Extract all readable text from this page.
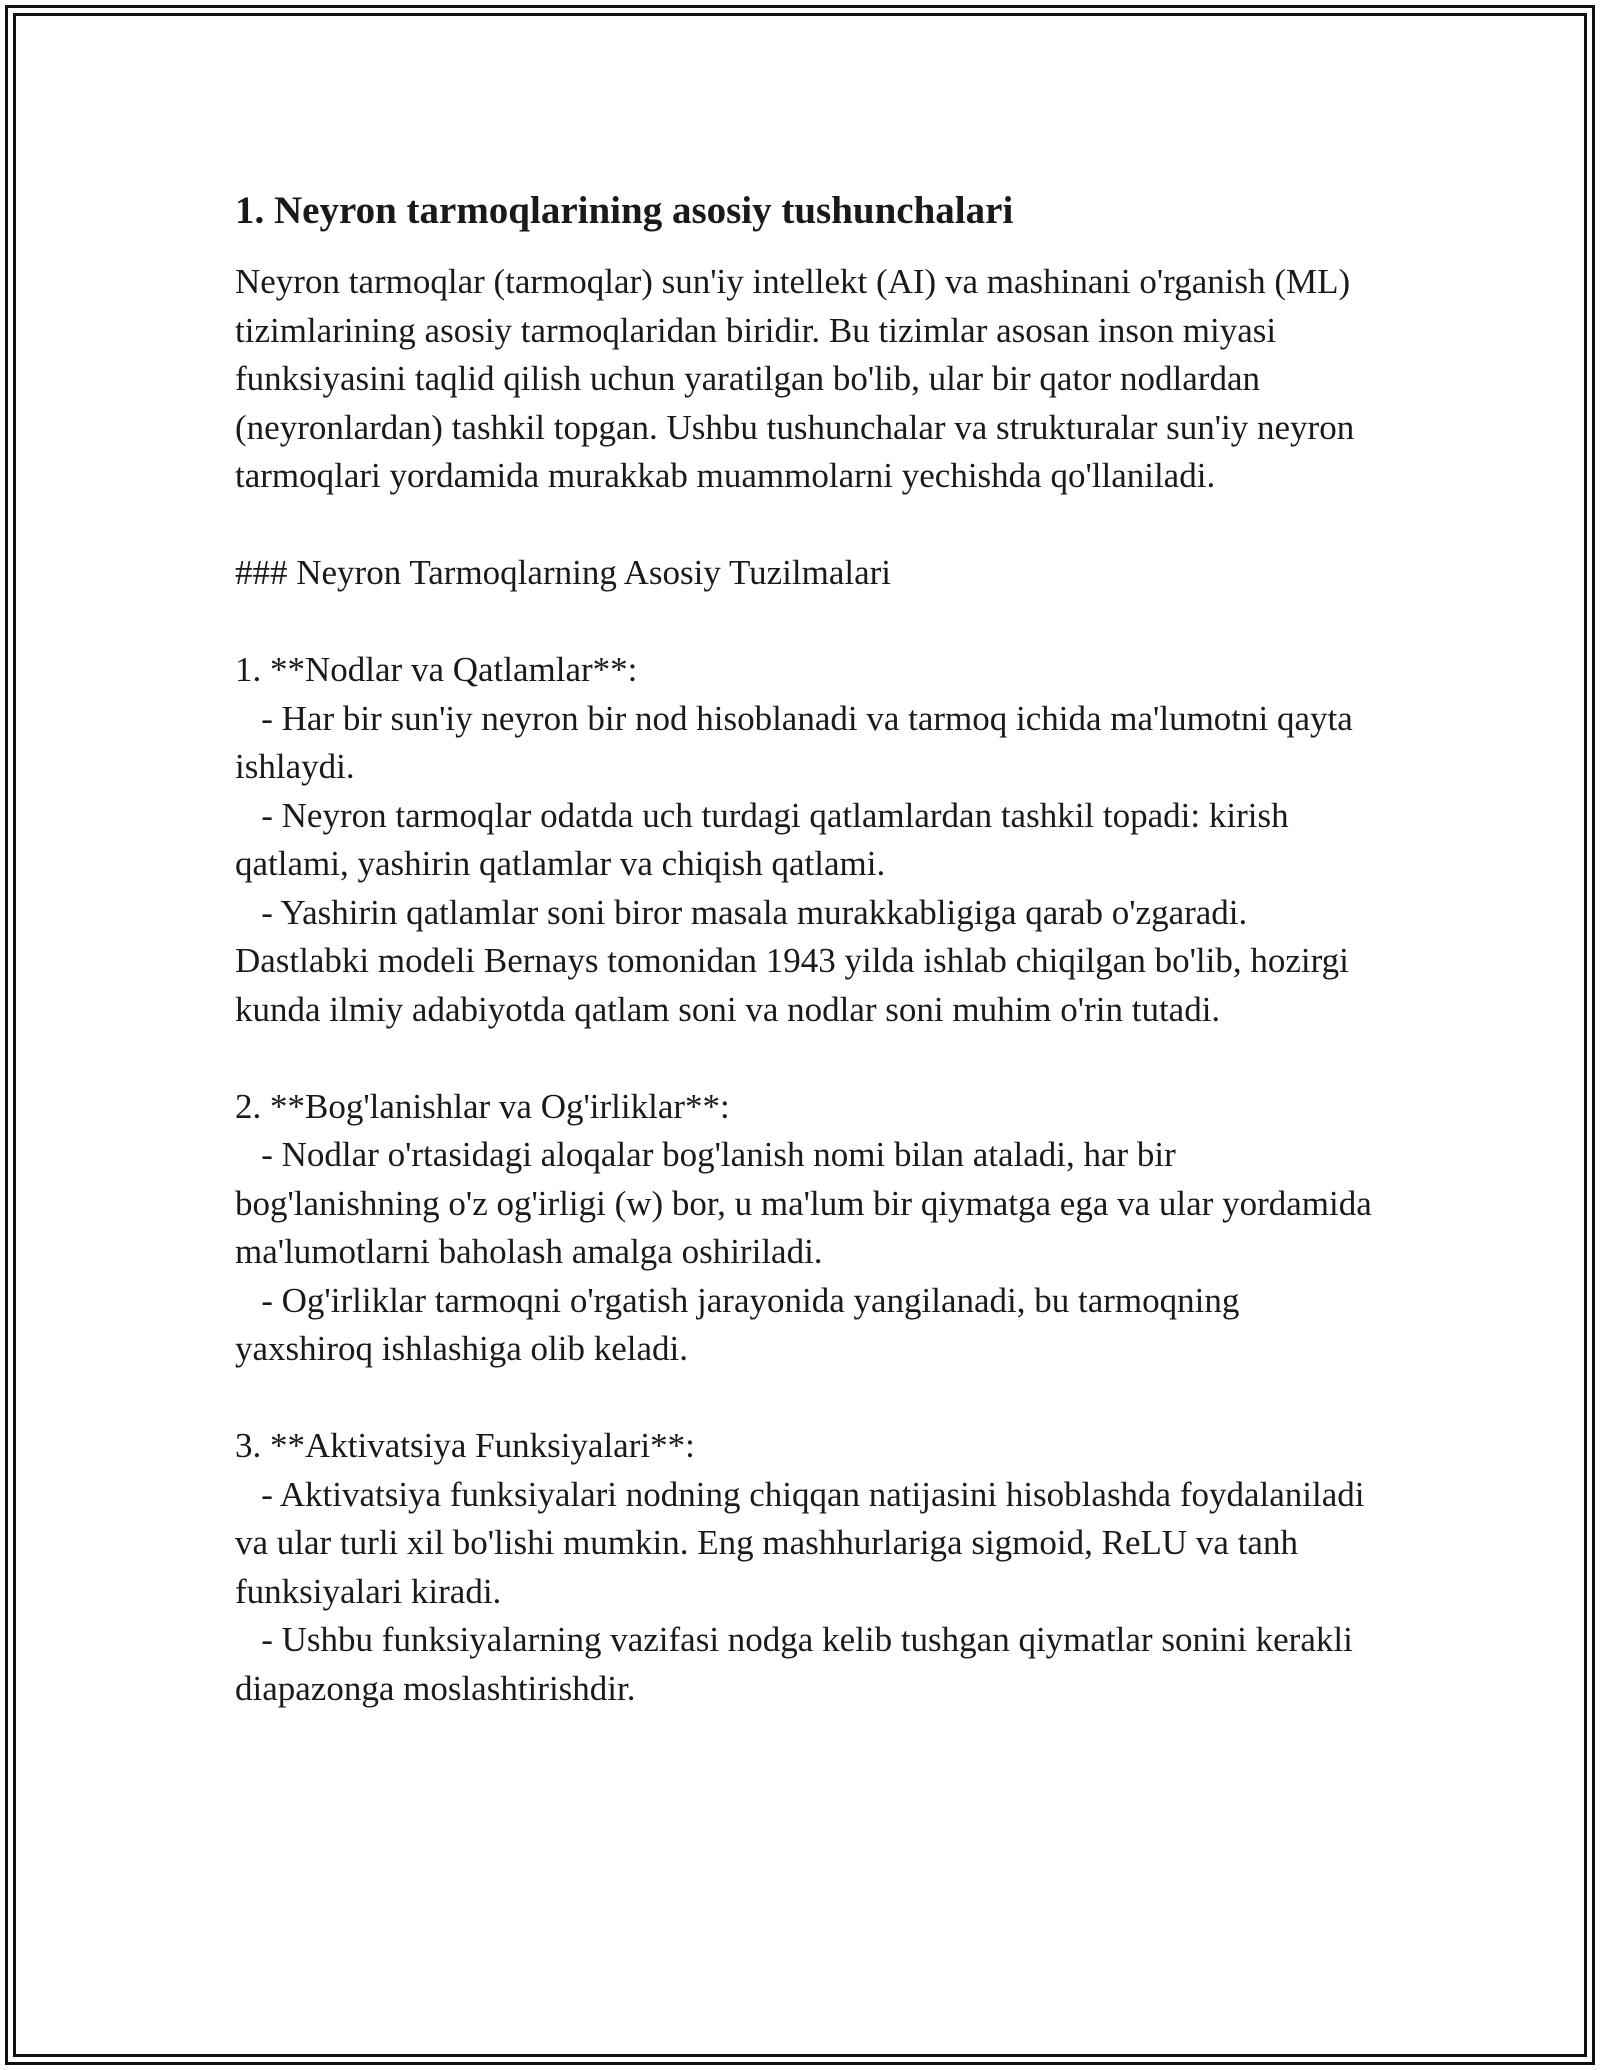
1. Neyron tarmoqlarining asosiy tushunchalari

Neyron tarmoqlar (tarmoqlar) sun'iy intellekt (AI) va mashinani o'rganish (ML) tizimlarining asosiy tarmoqlaridan biridir. Bu tizimlar asosan inson miyasi funksiyasini taqlid qilish uchun yaratilgan bo'lib, ular bir qator nodlardan (neyronlardan) tashkil topgan. Ushbu tushunchalar va strukturalar sun'iy neyron tarmoqlari yordamida murakkab muammolarni yechishda qo'llaniladi.

### Neyron Tarmoqlarning Asosiy Tuzilmalari

1. **Nodlar va Qatlamlar**:

- Har bir sun'iy neyron bir nod hisoblanadi va tarmoq ichida ma'lumotni qayta ishlaydi.

- Neyron tarmoqlar odatda uch turdagi qatlamlardan tashkil topadi: kirish qatlami, yashirin qatlamlar va chiqish qatlami.

- Yashirin qatlamlar soni biror masala murakkabligiga qarab o'zgaradi. Dastlabki modeli Bernays tomonidan 1943 yilda ishlab chiqilgan bo'lib, hozirgi kunda ilmiy adabiyotda qatlam soni va nodlar soni muhim o'rin tutadi.

2. **Bog'lanishlar va Og'irliklar**:

- Nodlar o'rtasidagi aloqalar bog'lanish nomi bilan ataladi, har bir bog'lanishning o'z og'irligi (w) bor, u ma'lum bir qiymatga ega va ular yordamida ma'lumotlarni baholash amalga oshiriladi.

- Og'irliklar tarmoqni o'rgatish jarayonida yangilanadi, bu tarmoqning yaxshiroq ishlashiga olib keladi.

3. **Aktivatsiya Funksiyalari**:

- Aktivatsiya funksiyalari nodning chiqqan natijasini hisoblashda foydalaniladi va ular turli xil bo'lishi mumkin. Eng mashhurlariga sigmoid, ReLU va tanh funksiyalari kiradi.

- Ushbu funksiyalarning vazifasi nodga kelib tushgan qiymatlar sonini kerakli diapazonga moslashtirishdir.
